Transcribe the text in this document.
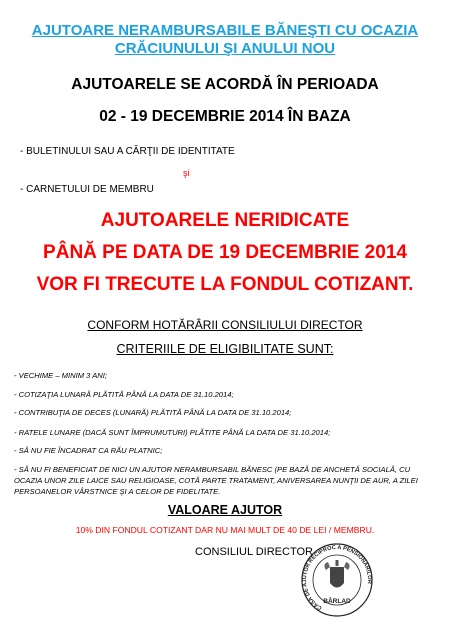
AJUTOARE NERAMBURSABILE BĂNEŞTI CU OCAZIA
CRĂCIUNULUI ŞI ANULUI NOU
AJUTOARELE SE ACORDĂ ÎN PERIOADA
02 - 19 DECEMBRIE 2014 ÎN BAZA
- BULETINULUI SAU A CĂRŢII DE IDENTITATE
şi
- CARNETULUI DE MEMBRU
AJUTOARELE NERIDICATE
PÂNĂ PE DATA DE 19 DECEMBRIE 2014
VOR FI TRECUTE LA FONDUL COTIZANT.
CONFORM HOTĂRÂRII CONSILIULUI DIRECTOR
CRITERIILE DE ELIGIBILITATE SUNT:
- VECHIME – MINIM 3 ANI;
- COTIZAŢIA LUNARĂ PLĂTITĂ PÂNĂ LA DATA DE 31.10.2014;
- CONTRIBUŢIA DE DECES (LUNARĂ) PLĂTITĂ PÂNĂ LA DATA DE 31.10.2014;
- RATELE LUNARE (DACĂ SUNT ÎMPRUMUTURI) PLĂTITE PÂNĂ LA DATA DE 31.10.2014;
- SĂ NU FIE ÎNCADRAT CA RĂU PLATNIC;
- SĂ NU FI BENEFICIAT DE NICI UN AJUTOR NERAMBURSABIL BĂNESC (PE BAZĂ DE ANCHETĂ SOCIALĂ, CU OCAZIA UNOR ZILE LAICE SAU RELIGIOASE, COTĂ PARTE TRATAMENT, ANIVERSAREA NUNŢII DE AUR, A ZILEI PERSOANELOR VÂRSTNICE ŞI A CELOR DE FIDELITATE.
VALOARE AJUTOR
10% DIN FONDUL COTIZANT DAR NU MAI MULT DE 40 DE LEI / MEMBRU.
CONSILIUL DIRECTOR
CASA DE AJUTOR RECIPROC A PENSIONARILOR
BÂRLAD
